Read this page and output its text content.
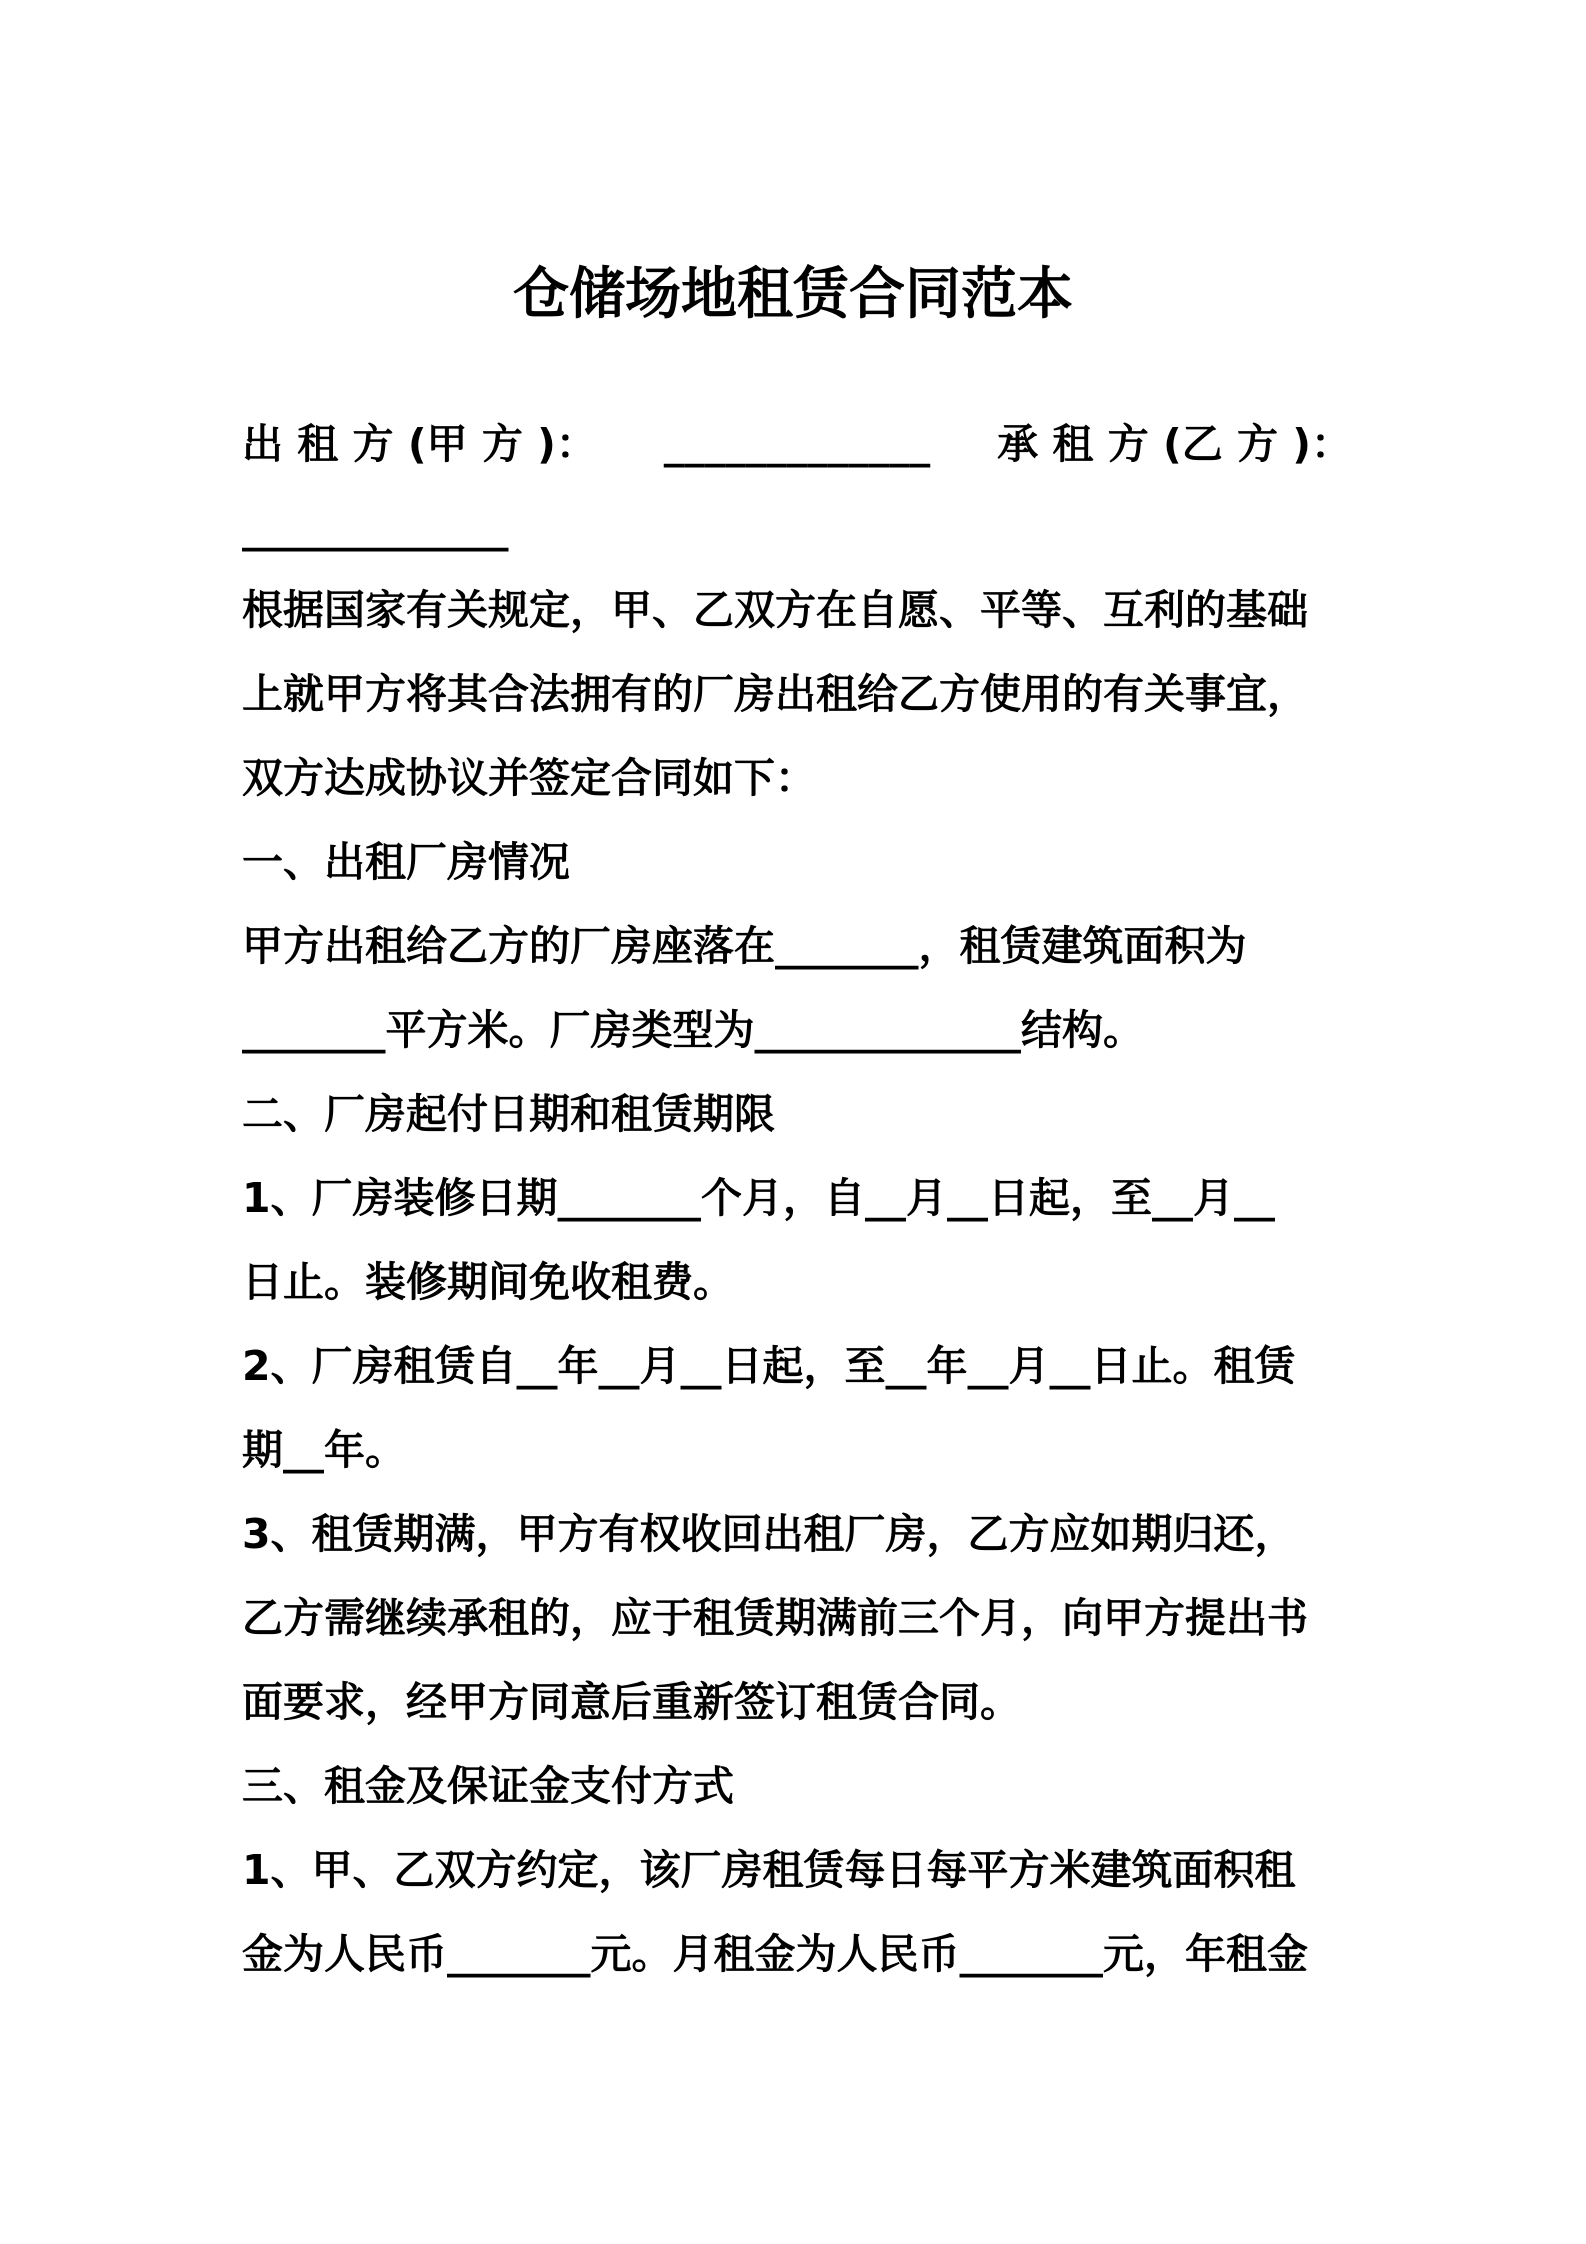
仓储场地租赁合同范本
出 租 方 (甲 方 )： _____________ 承 租 方 (乙 方 )：
_____________
根据国家有关规定，甲、乙双方在自愿、平等、互利的基础
上就甲方将其合法拥有的厂房出租给乙方使用的有关事宜，
双方达成协议并签定合同如下：
一、出租厂房情况
甲方出租给乙方的厂房座落在_______，租赁建筑面积为
_______平方米。厂房类型为_____________结构。
二、厂房起付日期和租赁期限
1、厂房装修日期_______个月，自__月__日起，至__月__
日止。装修期间免收租费。
2、厂房租赁自__年__月__日起，至__年__月__日止。租赁
期__年。
3、租赁期满，甲方有权收回出租厂房，乙方应如期归还，
乙方需继续承租的，应于租赁期满前三个月，向甲方提出书
面要求，经甲方同意后重新签订租赁合同。
三、租金及保证金支付方式
1、甲、乙双方约定，该厂房租赁每日每平方米建筑面积租
金为人民币_______元。月租金为人民币_______元，年租金
